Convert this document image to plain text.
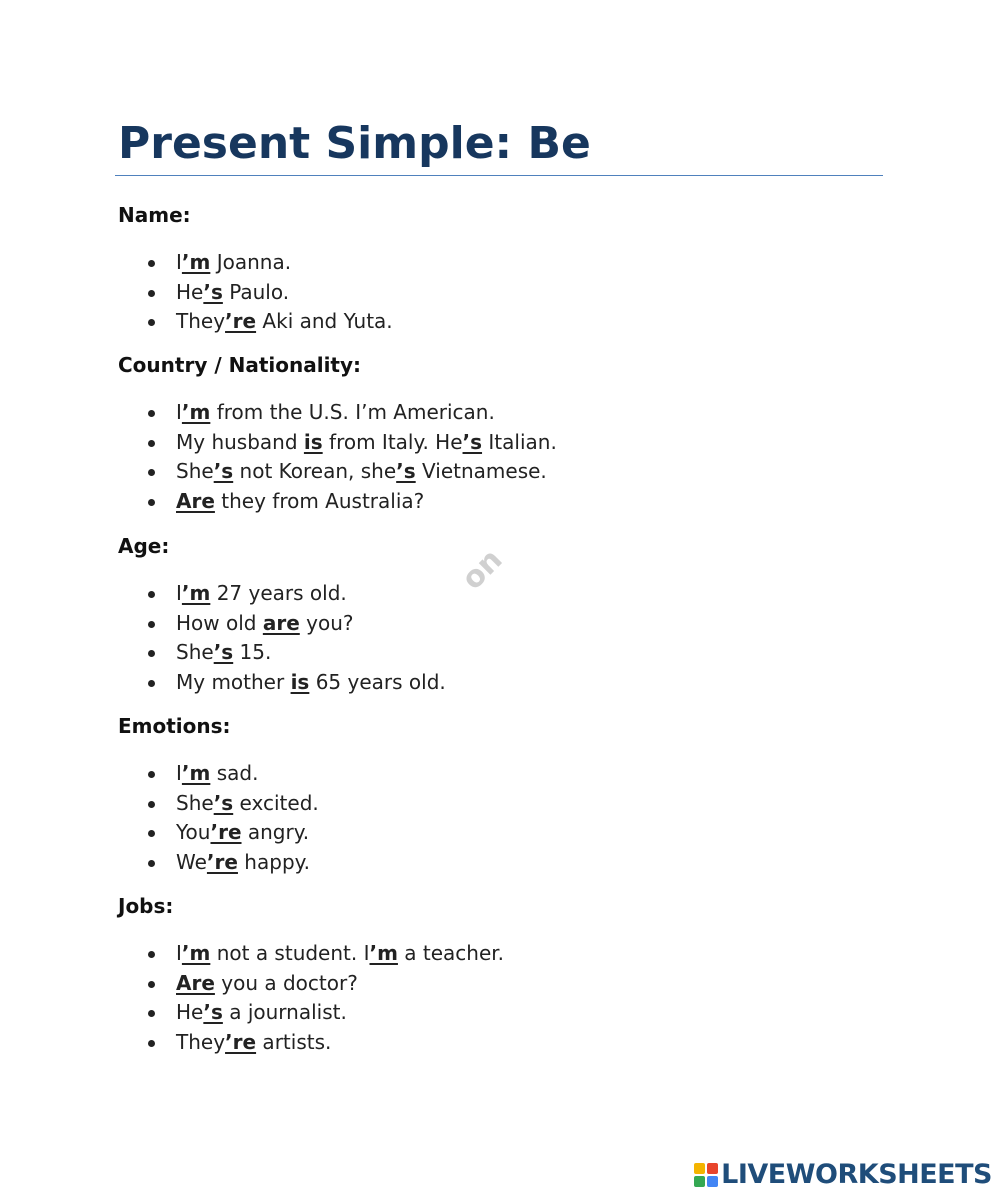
Present Simple: Be
Name:
I’m Joanna.
He’s Paulo.
They’re Aki and Yuta.
Country / Nationality:
I’m from the U.S. I’m American.
My husband is from Italy. He’s Italian.
She’s not Korean, she’s Vietnamese.
Are they from Australia?
Age:
I’m 27 years old.
How old are you?
She’s 15.
My mother is 65 years old.
Emotions:
I’m sad.
She’s excited.
You’re angry.
We’re happy.
Jobs:
I’m not a student. I’m a teacher.
Are you a doctor?
He’s a journalist.
They’re artists.
on
LIVEWORKSHEETS
